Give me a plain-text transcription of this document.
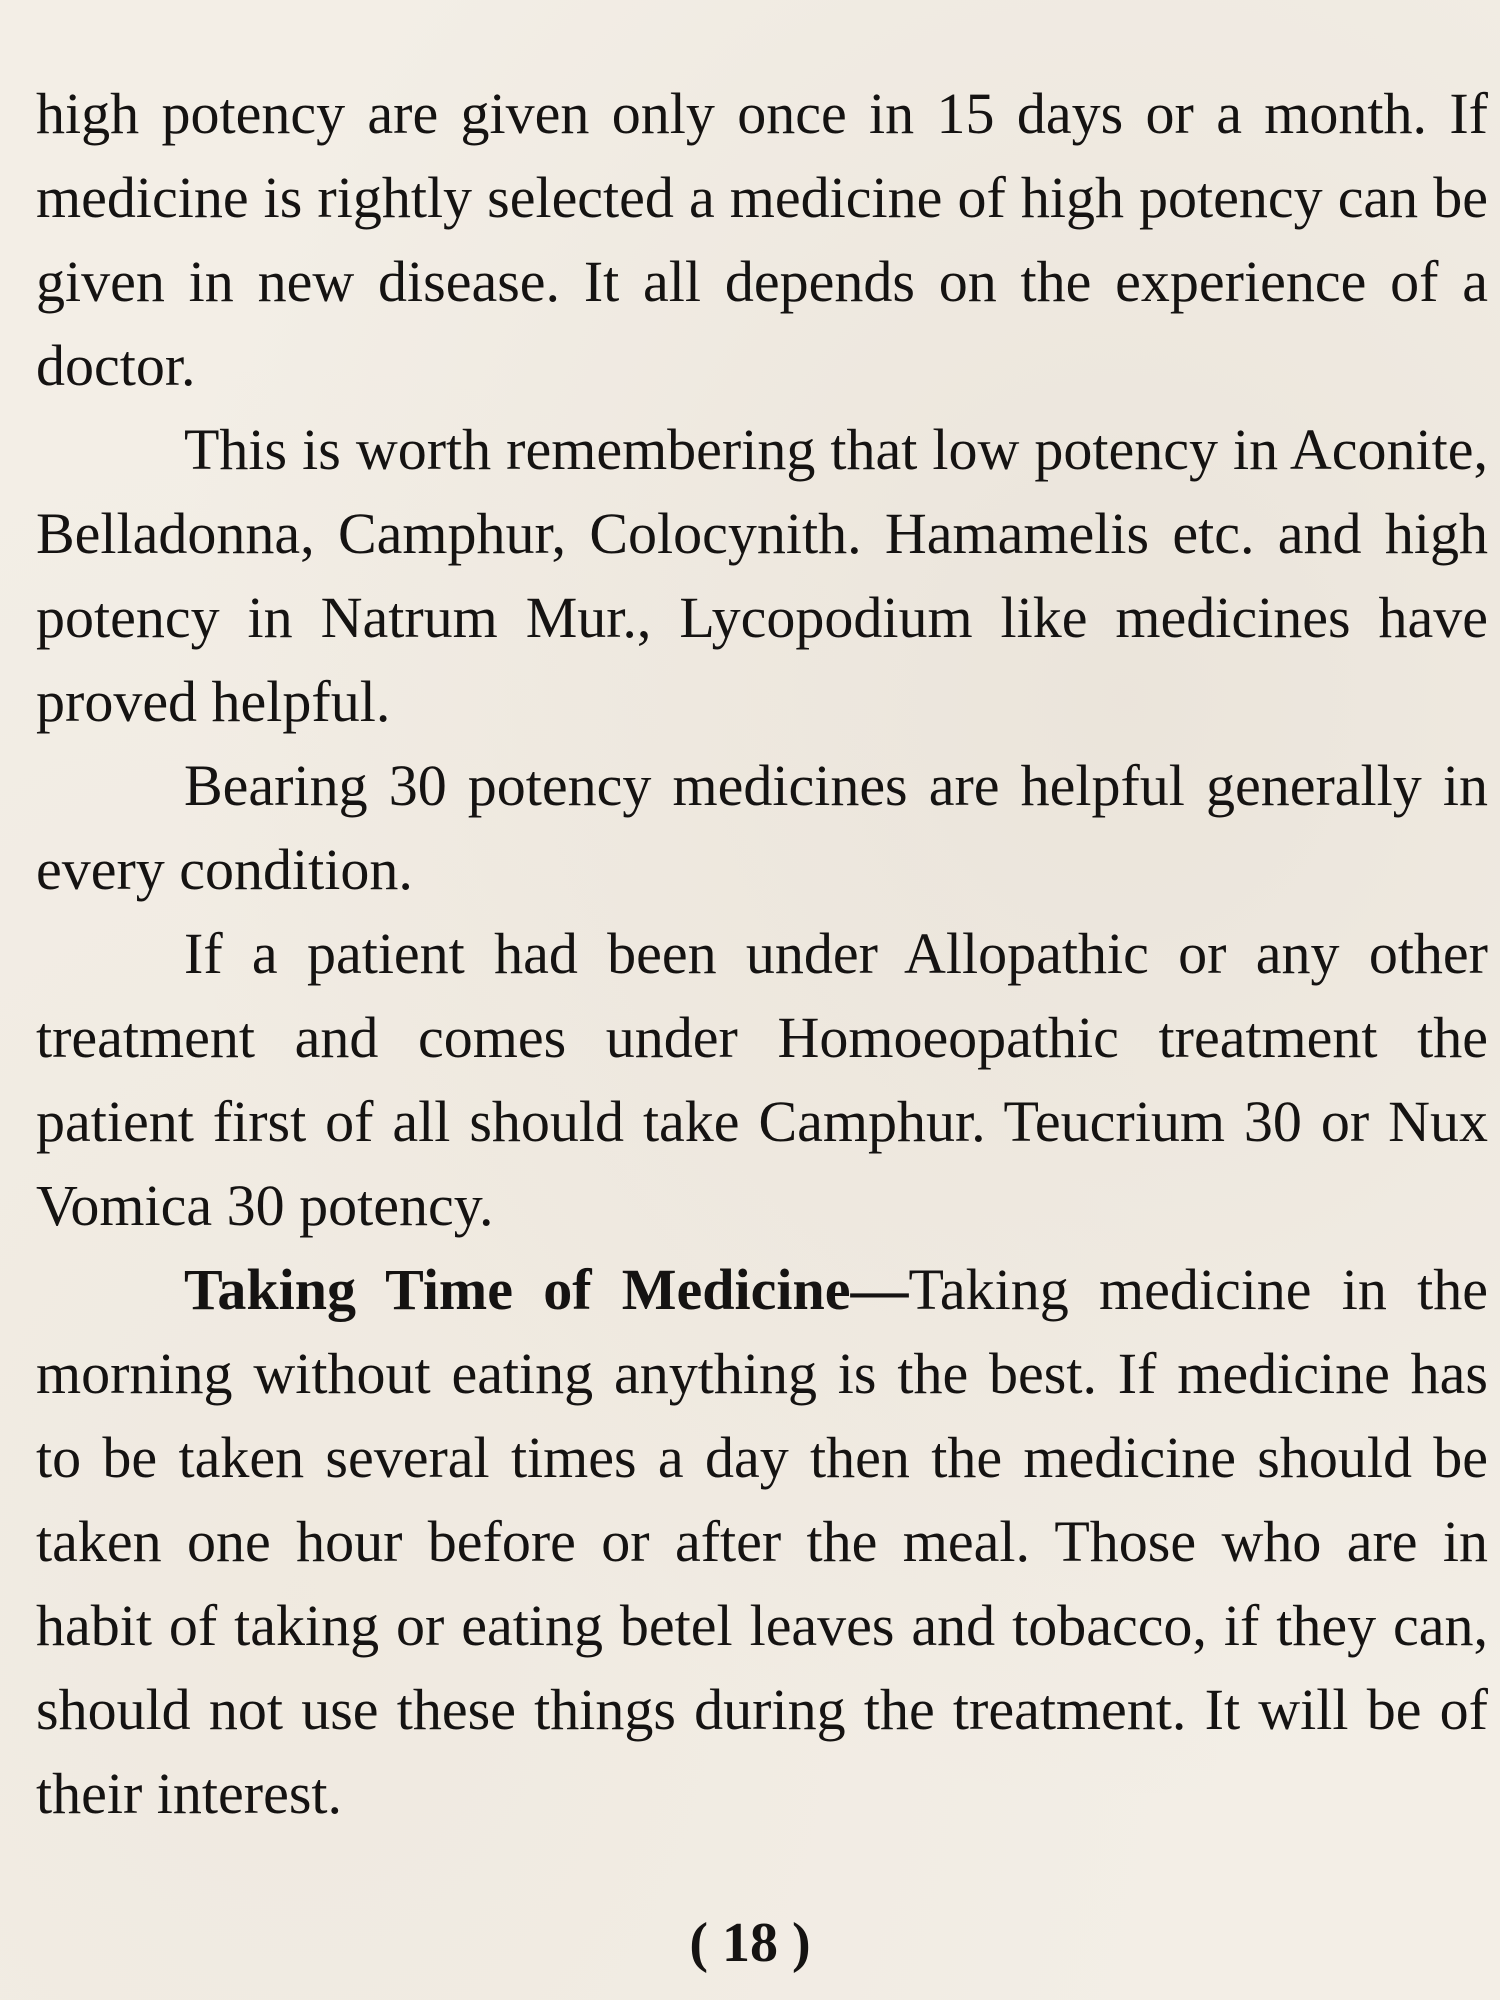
high potency are given only once in 15 days or a month. If medicine is rightly selected a medicine of high potency can be given in new disease. It all depends on the experience of a doctor.

This is worth remembering that low potency in Aconite, Belladonna, Camphur, Colocynith. Hamamelis etc. and high potency in Natrum Mur., Lycopodium like medicines have proved helpful.

Bearing 30 potency medicines are helpful generally in every condition.

If a patient had been under Allopathic or any other treatment and comes under Homoeopathic treatment the patient first of all should take Camphur. Teucrium 30 or Nux Vomica 30 potency.

Taking Time of Medicine—Taking medicine in the morning without eating anything is the best. If medicine has to be taken several times a day then the medicine should be taken one hour before or after the meal. Those who are in habit of taking or eating betel leaves and tobacco, if they can, should not use these things during the treatment. It will be of their interest.

( 18 )
